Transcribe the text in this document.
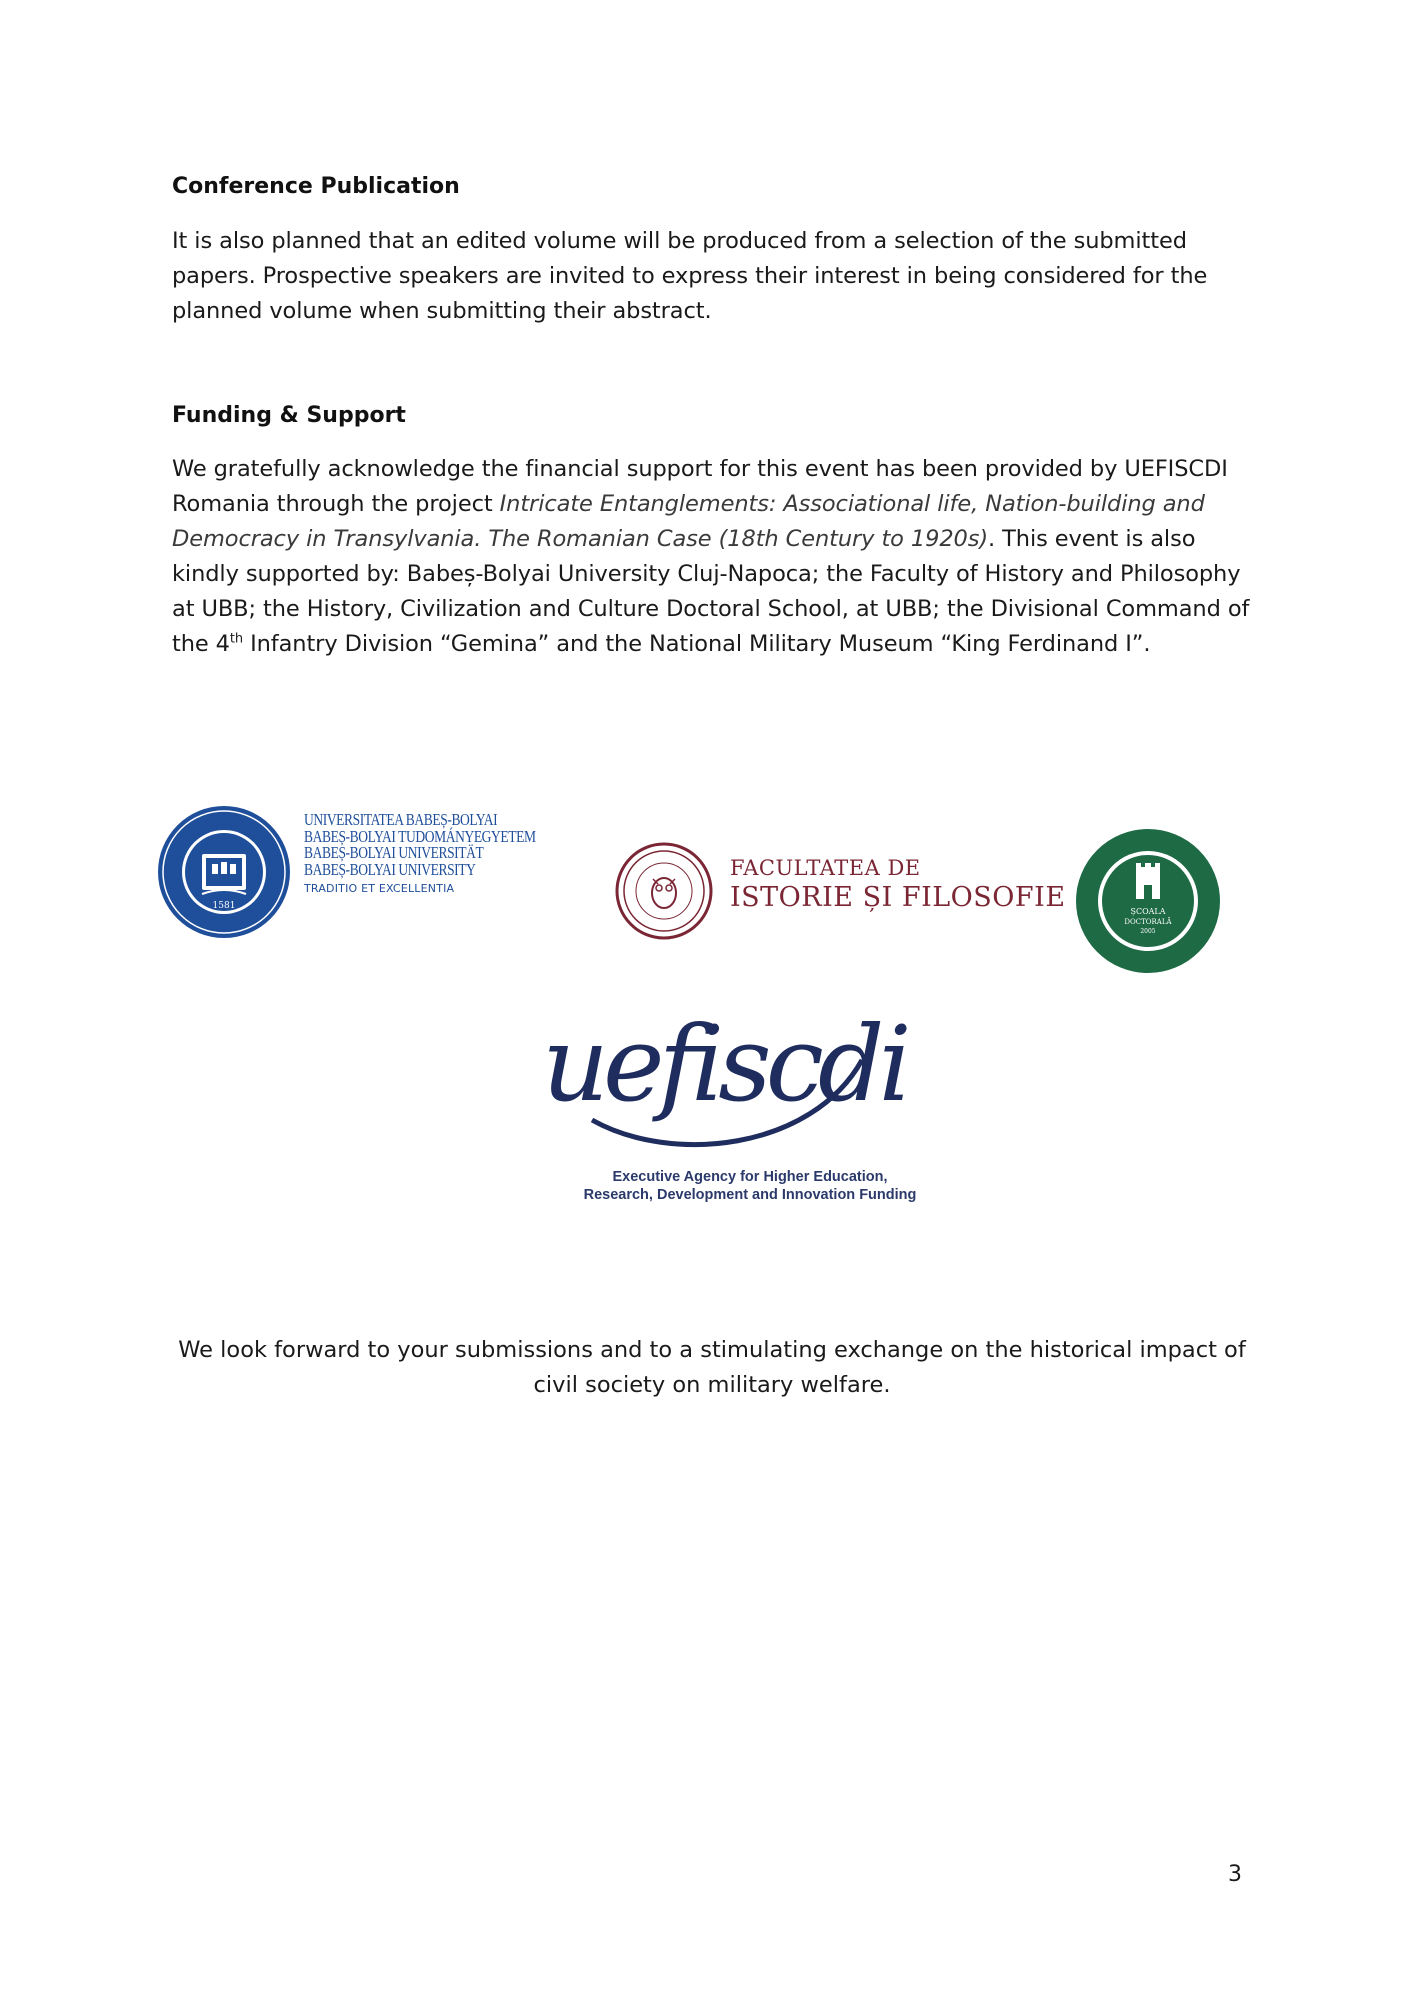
Conference Publication

It is also planned that an edited volume will be produced from a selection of the submitted papers. Prospective speakers are invited to express their interest in being considered for the planned volume when submitting their abstract.

Funding & Support

We gratefully acknowledge the financial support for this event has been provided by UEFISCDI Romania through the project Intricate Entanglements: Associational life, Nation-building and Democracy in Transylvania. The Romanian Case (18th Century to 1920s). This event is also kindly supported by: Babeș-Bolyai University Cluj-Napoca; the Faculty of History and Philosophy at UBB; the History, Civilization and Culture Doctoral School, at UBB; the Divisional Command of the 4th Infantry Division “Gemina” and the National Military Museum “King Ferdinand I”.

1581
UNIVERSITATEA BABEȘ-BOLYAI
BABEȘ-BOLYAI TUDOMÁNYEGYETEM
BABEȘ-BOLYAI UNIVERSITÄT
BABEȘ-BOLYAI UNIVERSITY
TRADITIO ET EXCELLENTIA
FACULTATEA DE
ISTORIE ȘI FILOSOFIE	ȘCOALA
DOCTORALĂ
2005
uefiscdi
Executive Agency for Higher Education,
Research, Development and Innovation Funding

We look forward to your submissions and to a stimulating exchange on the historical impact of civil society on military welfare.

3
